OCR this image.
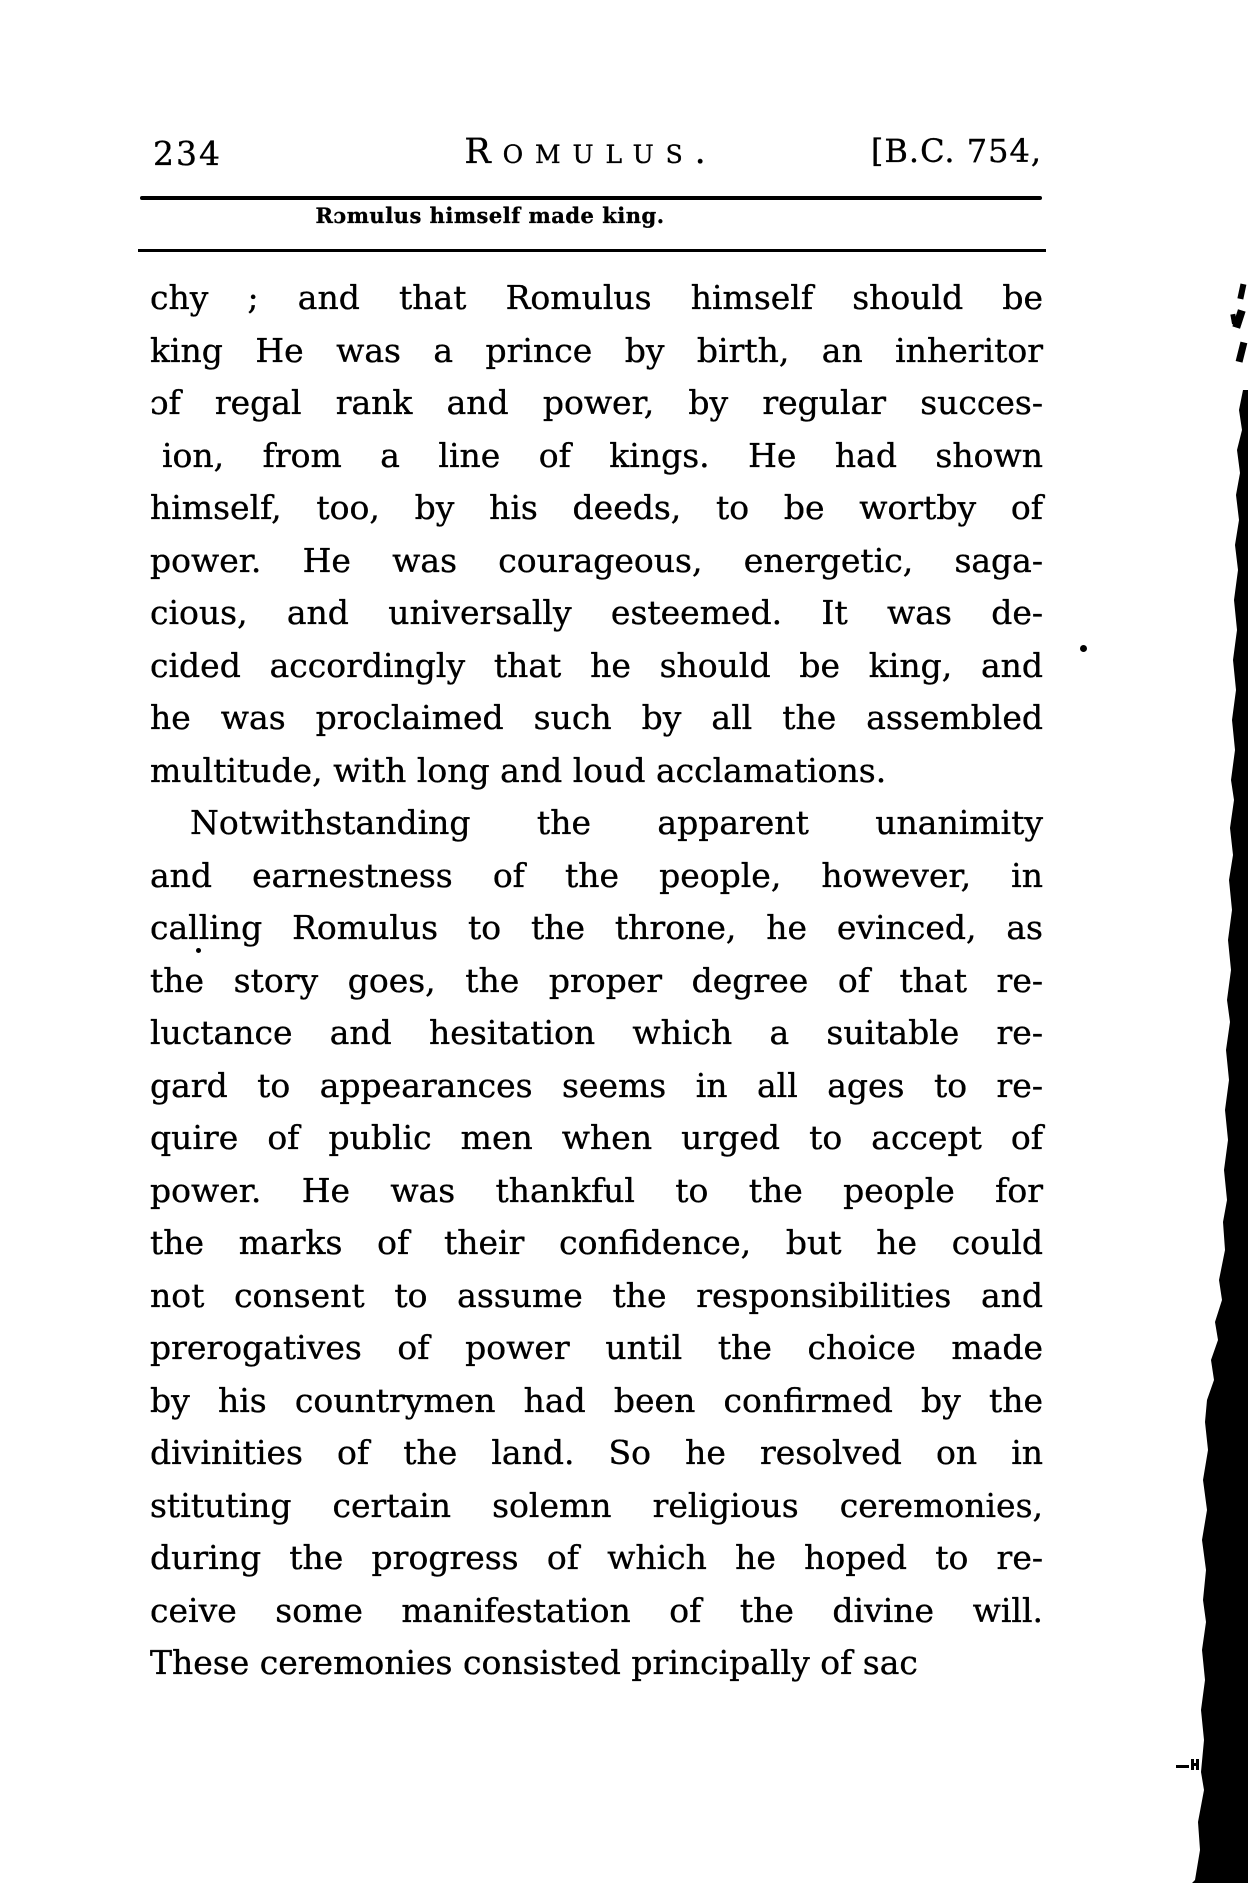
234	Romulus.	[B.C. 754,
Rɔmulus himself made king.
chy ; and that Romulus himself should be
king He was a prince by birth, an inheritor
ɔf regal rank and power, by regular succes-
ion, from a line of kings. He had shown
himself, too, by his deeds, to be wortby of
power. He was courageous, energetic, saga-
cious, and universally esteemed. It was de-
cided accordingly that he should be king, and
he was proclaimed such by all the assembled
multitude, with long and loud acclamations.
Notwithstanding the apparent unanimity
and earnestness of the people, however, in
calling Romulus to the throne, he evinced, as
the story goes, the proper degree of that re-
luctance and hesitation which a suitable re-
gard to appearances seems in all ages to re-
quire of public men when urged to accept of
power. He was thankful to the people for
the marks of their confidence, but he could
not consent to assume the responsibilities and
prerogatives of power until the choice made
by his countrymen had been confirmed by the
divinities of the land. So he resolved on in
stituting certain solemn religious ceremonies,
during the progress of which he hoped to re-
ceive some manifestation of the divine will.
These ceremonies consisted principally of sac
